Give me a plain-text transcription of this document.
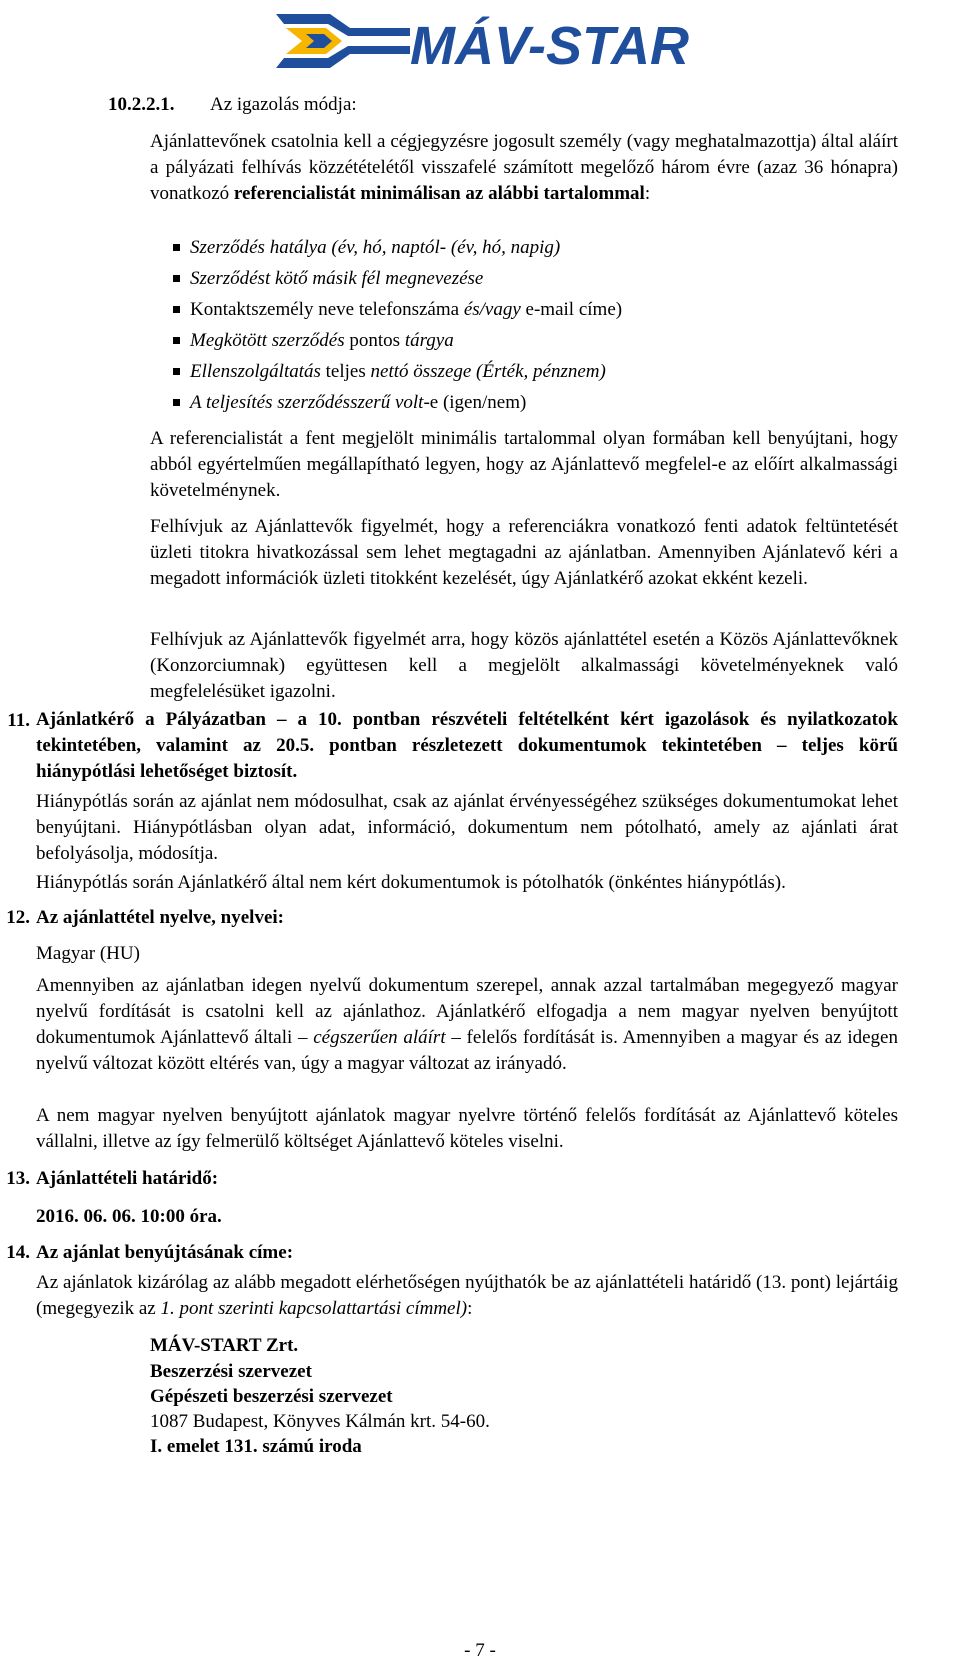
MÁV-START
10.2.2.1. Az igazolás módja:

Ajánlattevőnek csatolnia kell a cégjegyzésre jogosult személy (vagy meghatalmazottja) által aláírt a pályázati felhívás közzétételétől visszafelé számított megelőző három évre (azaz 36 hónapra) vonatkozó referencialistát minimálisan az alábbi tartalommal:

Szerződés hatálya (év, hó, naptól- (év, hó, napig)
Szerződést kötő másik fél megnevezése
Kontaktszemély neve telefonszáma és/vagy e-mail címe)
Megkötött szerződés pontos tárgya
Ellenszolgáltatás teljes nettó összege (Érték, pénznem)
A teljesítés szerződésszerű volt-e (igen/nem)

A referencialistát a fent megjelölt minimális tartalommal olyan formában kell benyújtani, hogy abból egyértelműen megállapítható legyen, hogy az Ajánlattevő megfelel-e az előírt alkalmassági követelménynek.

Felhívjuk az Ajánlattevők figyelmét, hogy a referenciákra vonatkozó fenti adatok feltüntetését üzleti titokra hivatkozással sem lehet megtagadni az ajánlatban. Amennyiben Ajánlatevő kéri a megadott információk üzleti titokként kezelését, úgy Ajánlatkérő azokat ekként kezeli.

Felhívjuk az Ajánlattevők figyelmét arra, hogy közös ajánlattétel esetén a Közös Ajánlattevőknek (Konzorciumnak) együttesen kell a megjelölt alkalmassági követelményeknek való megfelelésüket igazolni.

11. Ajánlatkérő a Pályázatban – a 10. pontban részvételi feltételként kért igazolások és nyilatkozatok tekintetében, valamint az 20.5. pontban részletezett dokumentumok tekintetében – teljes körű hiánypótlási lehetőséget biztosít.

Hiánypótlás során az ajánlat nem módosulhat, csak az ajánlat érvényességéhez szükséges dokumentumokat lehet benyújtani. Hiánypótlásban olyan adat, információ, dokumentum nem pótolható, amely az ajánlati árat befolyásolja, módosítja.

Hiánypótlás során Ajánlatkérő által nem kért dokumentumok is pótolhatók (önkéntes hiánypótlás).

12. Az ajánlattétel nyelve, nyelvei:
Magyar (HU)

Amennyiben az ajánlatban idegen nyelvű dokumentum szerepel, annak azzal tartalmában megegyező magyar nyelvű fordítását is csatolni kell az ajánlathoz. Ajánlatkérő elfogadja a nem magyar nyelven benyújtott dokumentumok Ajánlattevő általi – cégszerűen aláírt – felelős fordítását is. Amennyiben a magyar és az idegen nyelvű változat között eltérés van, úgy a magyar változat az irányadó.

A nem magyar nyelven benyújtott ajánlatok magyar nyelvre történő felelős fordítását az Ajánlattevő köteles vállalni, illetve az így felmerülő költséget Ajánlattevő köteles viselni.

13. Ajánlattételi határidő:
2016. 06. 06. 10:00 óra.
14. Az ajánlat benyújtásának címe:

Az ajánlatok kizárólag az alább megadott elérhetőségen nyújthatók be az ajánlattételi határidő (13. pont) lejártáig (megegyezik az 1. pont szerinti kapcsolattartási címmel):

MÁV-START Zrt.
Beszerzési szervezet
Gépészeti beszerzési szervezet
1087 Budapest, Könyves Kálmán krt. 54-60.
I. emelet 131. számú iroda
- 7 -
